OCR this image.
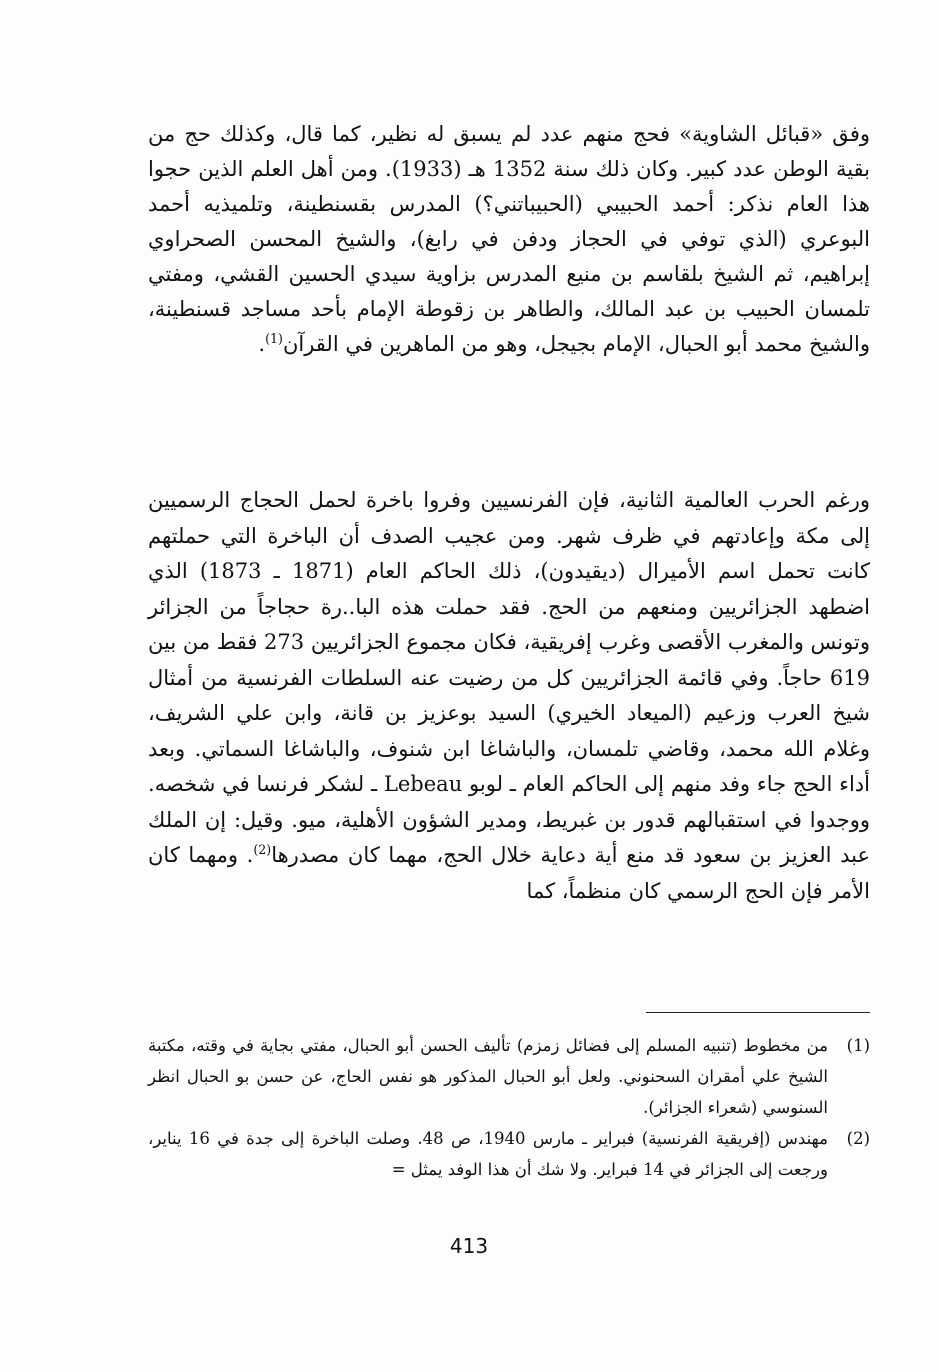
وفق «قبائل الشاوية» فحج منهم عدد لم يسبق له نظير، كما قال، وكذلك حج من بقية الوطن عدد كبير. وكان ذلك سنة 1352 هـ (1933). ومن أهل العلم الذين حجوا هذا العام نذكر: أحمد الحبيبي (الحبيباتني؟) المدرس بقسنطينة، وتلميذيه أحمد البوعري (الذي توفي في الحجاز ودفن في رابغ)، والشيخ المحسن الصحراوي إبراهيم، ثم الشيخ بلقاسم بن منيع المدرس بزاوية سيدي الحسين القشي، ومفتي تلمسان الحبيب بن عبد المالك، والطاهر بن زقوطة الإمام بأحد مساجد قسنطينة، والشيخ محمد أبو الحبال، الإمام بجيجل، وهو من الماهرين في القرآن$^{(1)}$.

ورغم الحرب العالمية الثانية، فإن الفرنسيين وفروا باخرة لحمل الحجاج الرسميين إلى مكة وإعادتهم في ظرف شهر. ومن عجيب الصدف أن الباخرة التي حملتهم كانت تحمل اسم الأميرال (ديقيدون)، ذلك الحاكم العام (1871 ـ 1873) الذي اضطهد الجزائريين ومنعهم من الحج. فقد حملت هذه البا..رة حجاجاً من الجزائر وتونس والمغرب الأقصى وغرب إفريقية، فكان مجموع الجزائريين 273 فقط من بين 619 حاجاً. وفي قائمة الجزائريين كل من رضيت عنه السلطات الفرنسية من أمثال شيخ العرب وزعيم (الميعاد الخيري) السيد بوعزيز بن قانة، وابن علي الشريف، وغلام الله محمد، وقاضي تلمسان، والباشاغا ابن شنوف، والباشاغا السماتي. وبعد أداء الحج جاء وفد منهم إلى الحاكم العام ـ لوبو Lebeau ـ لشكر فرنسا في شخصه. ووجدوا في استقبالهم قدور بن غبريط، ومدير الشؤون الأهلية، ميو. وقيل: إن الملك عبد العزيز بن سعود قد منع أية دعاية خلال الحج، مهما كان مصدرها$^{(2)}$. ومهما كان الأمر فإن الحج الرسمي كان منظماً، كما

(1)
من مخطوط (تنبيه المسلم إلى فضائل زمزم) تأليف الحسن أبو الحبال، مفتي بجاية في وقته، مكتبة الشيخ علي أمقران السحنوني. ولعل أبو الحبال المذكور هو نفس الحاج، عن حسن بو الحبال انظر السنوسي (شعراء الجزائر).
(2)
مهندس (إفريقية الفرنسية) فبراير ـ مارس 1940، ص 48. وصلت الباخرة إلى جدة في 16 يناير، ورجعت إلى الجزائر في 14 فبراير. ولا شك أن هذا الوفد يمثل =
413
